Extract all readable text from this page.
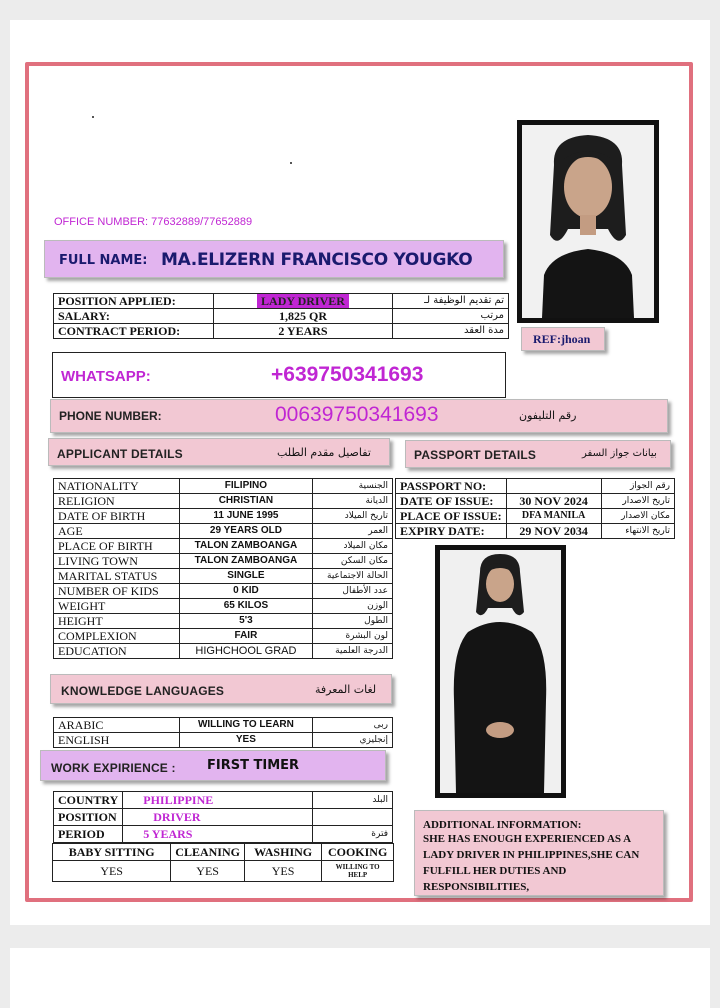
OFFICE NUMBER: 77632889/77652889
FULL NAME: MA.ELIZERN FRANCISCO YOUGKO
POSITION APPLIED:	LADY DRIVER	تم تقديم الوظيفة لـ
SALARY:	1,825 QR	مرتب
CONTRACT PERIOD:	2 YEARS	مدة العقد
REF:jhoan
WHATSAPP:	+639750341693
PHONE NUMBER:	00639750341693	رقم التليفون
APPLICANT DETAILS	تفاصيل مقدم الطلب	PASSPORT DETAILS	بيانات جواز السفر
NATIONALITY	FILIPINO	الجنسية
RELIGION	CHRISTIAN	الديانة
DATE OF BIRTH	11 JUNE 1995	تاريخ الميلاد
AGE	29 YEARS OLD	العمر
PLACE OF BIRTH	TALON ZAMBOANGA	مكان الميلاد
LIVING TOWN	TALON ZAMBOANGA	مكان السكن
MARITAL STATUS	SINGLE	الحالة الاجتماعية
NUMBER OF KIDS	0 KID	عدد الأطفال
WEIGHT	65 KILOS	الوزن
HEIGHT	5'3	الطول
COMPLEXION	FAIR	لون البشرة
EDUCATION	HIGHCHOOL GRAD	الدرجة العلمية
PASSPORT NO:		رقم الجواز
DATE OF ISSUE:	30 NOV 2024	تاريخ الاصدار
PLACE OF ISSUE:	DFA MANILA	مكان الاصدار
EXPIRY DATE:	29 NOV 2034	تاريخ الانتهاء
KNOWLEDGE LANGUAGES	لغات المعرفة
ARABIC	WILLING TO LEARN	ربى
ENGLISH	YES	إنجليزي
WORK EXPIRIENCE : FIRST TIMER
COUNTRY	PHILIPPINE	البلد
POSITION	DRIVER	
PERIOD	5 YEARS	فترة
BABY SITTING	CLEANING	WASHING	COOKING
YES	YES	YES	WILLING TO HELP
ADDITIONAL INFORMATION:
SHE HAS ENOUGH EXPERIENCED AS A LADY DRIVER IN PHILIPPINES,SHE CAN FULFILL HER DUTIES AND RESPONSIBILITIES,
